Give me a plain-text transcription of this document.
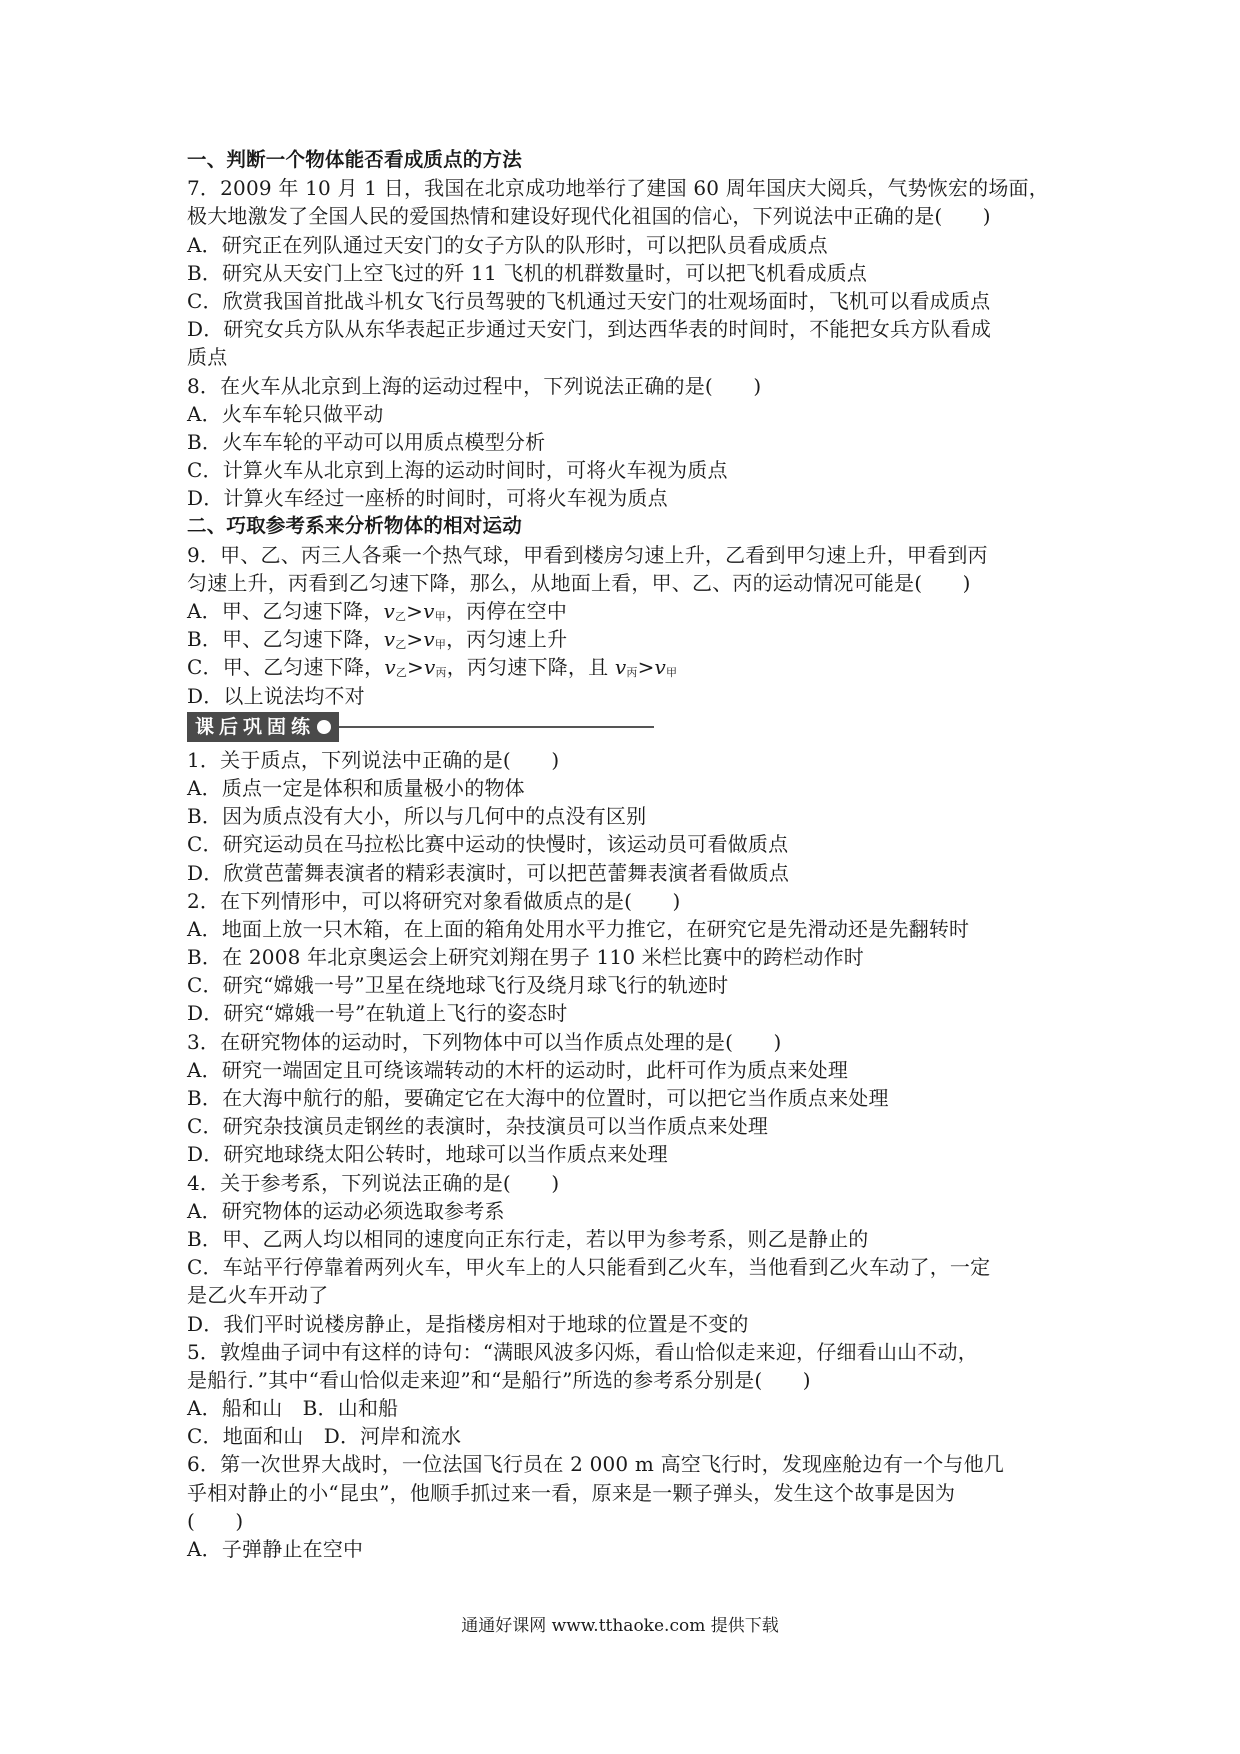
一、判断一个物体能否看成质点的方法
7．2009 年 10 月 1 日，我国在北京成功地举行了建国 60 周年国庆大阅兵，气势恢宏的场面，
极大地激发了全国人民的爱国热情和建设好现代化祖国的信心，下列说法中正确的是(　　)
A．研究正在列队通过天安门的女子方队的队形时，可以把队员看成质点
B．研究从天安门上空飞过的歼 11 飞机的机群数量时，可以把飞机看成质点
C．欣赏我国首批战斗机女飞行员驾驶的飞机通过天安门的壮观场面时，飞机可以看成质点
D．研究女兵方队从东华表起正步通过天安门，到达西华表的时间时，不能把女兵方队看成
质点
8．在火车从北京到上海的运动过程中，下列说法正确的是(　　)
A．火车车轮只做平动
B．火车车轮的平动可以用质点模型分析
C．计算火车从北京到上海的运动时间时，可将火车视为质点
D．计算火车经过一座桥的时间时，可将火车视为质点
二、巧取参考系来分析物体的相对运动
9．甲、乙、丙三人各乘一个热气球，甲看到楼房匀速上升，乙看到甲匀速上升，甲看到丙
匀速上升，丙看到乙匀速下降，那么，从地面上看，甲、乙、丙的运动情况可能是(　　)
A．甲、乙匀速下降，v乙>v甲，丙停在空中
B．甲、乙匀速下降，v乙>v甲，丙匀速上升
C．甲、乙匀速下降，v乙>v丙，丙匀速下降，且 v丙>v甲
D．以上说法均不对
课后巩固练
1．关于质点，下列说法中正确的是(　　)
A．质点一定是体积和质量极小的物体
B．因为质点没有大小，所以与几何中的点没有区别
C．研究运动员在马拉松比赛中运动的快慢时，该运动员可看做质点
D．欣赏芭蕾舞表演者的精彩表演时，可以把芭蕾舞表演者看做质点
2．在下列情形中，可以将研究对象看做质点的是(　　)
A．地面上放一只木箱，在上面的箱角处用水平力推它，在研究它是先滑动还是先翻转时
B．在 2008 年北京奥运会上研究刘翔在男子 110 米栏比赛中的跨栏动作时
C．研究“嫦娥一号”卫星在绕地球飞行及绕月球飞行的轨迹时
D．研究“嫦娥一号”在轨道上飞行的姿态时
3．在研究物体的运动时，下列物体中可以当作质点处理的是(　　)
A．研究一端固定且可绕该端转动的木杆的运动时，此杆可作为质点来处理
B．在大海中航行的船，要确定它在大海中的位置时，可以把它当作质点来处理
C．研究杂技演员走钢丝的表演时，杂技演员可以当作质点来处理
D．研究地球绕太阳公转时，地球可以当作质点来处理
4．关于参考系，下列说法正确的是(　　)
A．研究物体的运动必须选取参考系
B．甲、乙两人均以相同的速度向正东行走，若以甲为参考系，则乙是静止的
C．车站平行停靠着两列火车，甲火车上的人只能看到乙火车，当他看到乙火车动了，一定
是乙火车开动了
D．我们平时说楼房静止，是指楼房相对于地球的位置是不变的
5．敦煌曲子词中有这样的诗句：“满眼风波多闪烁，看山恰似走来迎，仔细看山山不动，
是船行．”其中“看山恰似走来迎”和“是船行”所选的参考系分别是(　　)
A．船和山　B．山和船
C．地面和山　D．河岸和流水
6．第一次世界大战时，一位法国飞行员在 2 000 m 高空飞行时，发现座舱边有一个与他几
乎相对静止的小“昆虫”，他顺手抓过来一看，原来是一颗子弹头，发生这个故事是因为
(　　)
A．子弹静止在空中
通通好课网 www.tthaoke.com 提供下载
